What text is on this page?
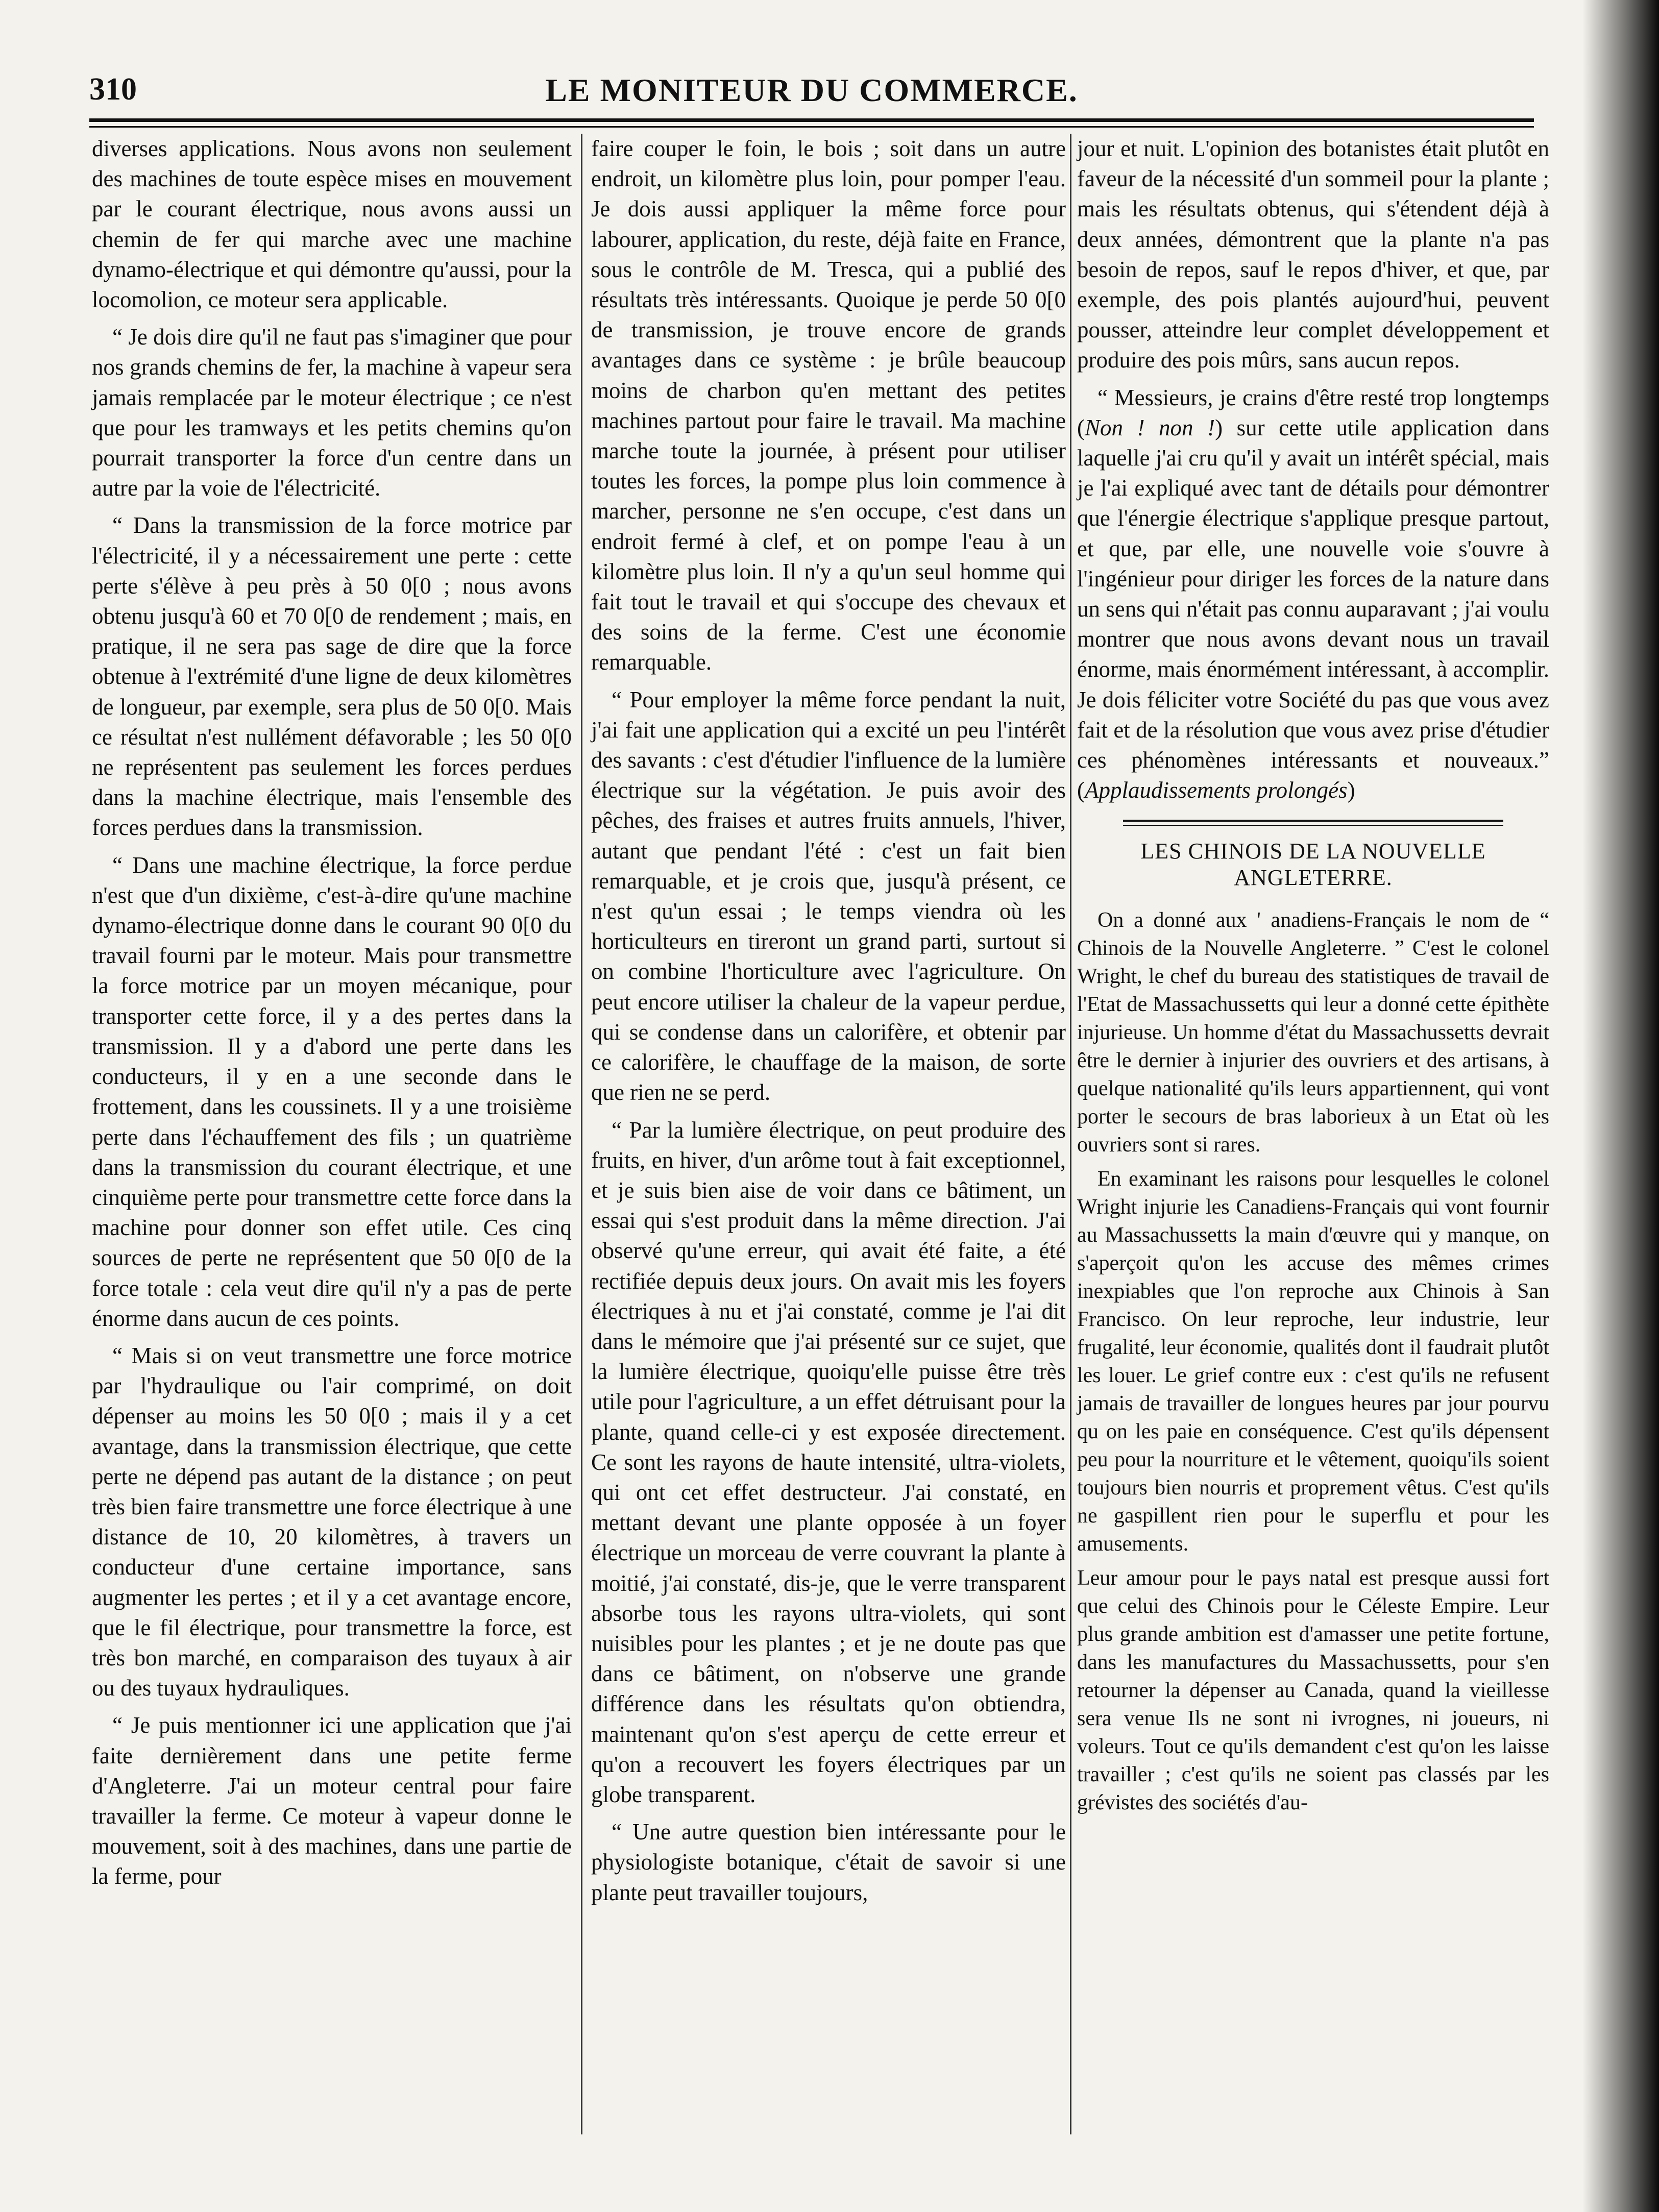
310	LE MONITEUR DU COMMERCE.

diverses applications. Nous avons non seulement des machines de toute espèce mises en mouvement par le courant électrique, nous avons aussi un chemin de fer qui marche avec une machine dynamo-électrique et qui démontre qu'aussi, pour la locomolion, ce moteur sera applicable.

“ Je dois dire qu'il ne faut pas s'imaginer que pour nos grands chemins de fer, la machine à vapeur sera jamais remplacée par le moteur électrique ; ce n'est que pour les tramways et les petits chemins qu'on pourrait transporter la force d'un centre dans un autre par la voie de l'électricité.

“ Dans la transmission de la force motrice par l'électricité, il y a nécessairement une perte : cette perte s'élève à peu près à 50 0[0 ; nous avons obtenu jusqu'à 60 et 70 0[0 de rendement ; mais, en pratique, il ne sera pas sage de dire que la force obtenue à l'extrémité d'une ligne de deux kilomètres de longueur, par exemple, sera plus de 50 0[0. Mais ce résultat n'est nullément défavorable ; les 50 0[0 ne représentent pas seulement les forces perdues dans la machine électrique, mais l'ensemble des forces perdues dans la transmission.

“ Dans une machine électrique, la force perdue n'est que d'un dixième, c'est-à-dire qu'une machine dynamo-électrique donne dans le courant 90 0[0 du travail fourni par le moteur. Mais pour transmettre la force motrice par un moyen mécanique, pour transporter cette force, il y a des pertes dans la transmission. Il y a d'abord une perte dans les conducteurs, il y en a une seconde dans le frottement, dans les coussinets. Il y a une troisième perte dans l'échauffement des fils ; un quatrième dans la transmission du courant électrique, et une cinquième perte pour transmettre cette force dans la machine pour donner son effet utile. Ces cinq sources de perte ne représentent que 50 0[0 de la force totale : cela veut dire qu'il n'y a pas de perte énorme dans aucun de ces points.

“ Mais si on veut transmettre une force motrice par l'hydraulique ou l'air comprimé, on doit dépenser au moins les 50 0[0 ; mais il y a cet avantage, dans la transmission électrique, que cette perte ne dépend pas autant de la distance ; on peut très bien faire transmettre une force électrique à une distance de 10, 20 kilomètres, à travers un conducteur d'une certaine importance, sans augmenter les pertes ; et il y a cet avantage encore, que le fil électrique, pour transmettre la force, est très bon marché, en comparaison des tuyaux à air ou des tuyaux hydrauliques.

“ Je puis mentionner ici une application que j'ai faite dernièrement dans une petite ferme d'Angleterre. J'ai un moteur central pour faire travailler la ferme. Ce moteur à vapeur donne le mouvement, soit à des machines, dans une partie de la ferme, pour

faire couper le foin, le bois ; soit dans un autre endroit, un kilomètre plus loin, pour pomper l'eau. Je dois aussi appliquer la même force pour labourer, application, du reste, déjà faite en France, sous le contrôle de M. Tresca, qui a publié des résultats très intéressants. Quoique je perde 50 0[0 de transmission, je trouve encore de grands avantages dans ce système : je brûle beaucoup moins de charbon qu'en mettant des petites machines partout pour faire le travail. Ma machine marche toute la journée, à présent pour utiliser toutes les forces, la pompe plus loin commence à marcher, personne ne s'en occupe, c'est dans un endroit fermé à clef, et on pompe l'eau à un kilomètre plus loin. Il n'y a qu'un seul homme qui fait tout le travail et qui s'occupe des chevaux et des soins de la ferme. C'est une économie remarquable.

“ Pour employer la même force pendant la nuit, j'ai fait une application qui a excité un peu l'intérêt des savants : c'est d'étudier l'influence de la lumière électrique sur la végétation. Je puis avoir des pêches, des fraises et autres fruits annuels, l'hiver, autant que pendant l'été : c'est un fait bien remarquable, et je crois que, jusqu'à présent, ce n'est qu'un essai ; le temps viendra où les horticulteurs en tireront un grand parti, surtout si on combine l'horticulture avec l'agriculture. On peut encore utiliser la chaleur de la vapeur perdue, qui se condense dans un calorifère, et obtenir par ce calorifère, le chauffage de la maison, de sorte que rien ne se perd.

“ Par la lumière électrique, on peut produire des fruits, en hiver, d'un arôme tout à fait exceptionnel, et je suis bien aise de voir dans ce bâtiment, un essai qui s'est produit dans la même direction. J'ai observé qu'une erreur, qui avait été faite, a été rectifiée depuis deux jours. On avait mis les foyers électriques à nu et j'ai constaté, comme je l'ai dit dans le mémoire que j'ai présenté sur ce sujet, que la lumière électrique, quoiqu'elle puisse être très utile pour l'agriculture, a un effet détruisant pour la plante, quand celle-ci y est exposée directement. Ce sont les rayons de haute intensité, ultra-violets, qui ont cet effet destructeur. J'ai constaté, en mettant devant une plante opposée à un foyer électrique un morceau de verre couvrant la plante à moitié, j'ai constaté, dis-je, que le verre transparent absorbe tous les rayons ultra-violets, qui sont nuisibles pour les plantes ; et je ne doute pas que dans ce bâtiment, on n'observe une grande différence dans les résultats qu'on obtiendra, maintenant qu'on s'est aperçu de cette erreur et qu'on a recouvert les foyers électriques par un globe transparent.

“ Une autre question bien intéressante pour le physiologiste botanique, c'était de savoir si une plante peut travailler toujours,

jour et nuit. L'opinion des botanistes était plutôt en faveur de la nécessité d'un sommeil pour la plante ; mais les résultats obtenus, qui s'étendent déjà à deux années, démontrent que la plante n'a pas besoin de repos, sauf le repos d'hiver, et que, par exemple, des pois plantés aujourd'hui, peuvent pousser, atteindre leur complet développement et produire des pois mûrs, sans aucun repos.

“ Messieurs, je crains d'être resté trop longtemps (Non ! non !) sur cette utile application dans laquelle j'ai cru qu'il y avait un intérêt spécial, mais je l'ai expliqué avec tant de détails pour démontrer que l'énergie électrique s'applique presque partout, et que, par elle, une nouvelle voie s'ouvre à l'ingénieur pour diriger les forces de la nature dans un sens qui n'était pas connu auparavant ; j'ai voulu montrer que nous avons devant nous un travail énorme, mais énormément intéressant, à accomplir. Je dois féliciter votre Société du pas que vous avez fait et de la résolution que vous avez prise d'étudier ces phénomènes intéressants et nouveaux.” (Applaudissements prolongés)

LES CHINOIS DE LA NOUVELLE
ANGLETERRE.

On a donné aux ' anadiens-Français le nom de “ Chinois de la Nouvelle Angleterre. ” C'est le colonel Wright, le chef du bureau des statistiques de travail de l'Etat de Massachussetts qui leur a donné cette épithète injurieuse. Un homme d'état du Massachussetts devrait être le dernier à injurier des ouvriers et des artisans, à quelque nationalité qu'ils leurs appartiennent, qui vont porter le secours de bras laborieux à un Etat où les ouvriers sont si rares.

En examinant les raisons pour lesquelles le colonel Wright injurie les Canadiens-Français qui vont fournir au Massachussetts la main d'œuvre qui y manque, on s'aperçoit qu'on les accuse des mêmes crimes inexpiables que l'on reproche aux Chinois à San Francisco. On leur reproche, leur industrie, leur frugalité, leur économie, qualités dont il faudrait plutôt les louer. Le grief contre eux : c'est qu'ils ne refusent jamais de travailler de longues heures par jour pourvu qu on les paie en conséquence. C'est qu'ils dépensent peu pour la nourriture et le vêtement, quoiqu'ils soient toujours bien nourris et proprement vêtus. C'est qu'ils ne gaspillent rien pour le superflu et pour les amusements.

Leur amour pour le pays natal est presque aussi fort que celui des Chinois pour le Céleste Empire. Leur plus grande ambition est d'amasser une petite fortune, dans les manufactures du Massachussetts, pour s'en retourner la dépenser au Canada, quand la vieillesse sera venue Ils ne sont ni ivrognes, ni joueurs, ni voleurs. Tout ce qu'ils demandent c'est qu'on les laisse travailler ; c'est qu'ils ne soient pas classés par les grévistes des sociétés d'au-
